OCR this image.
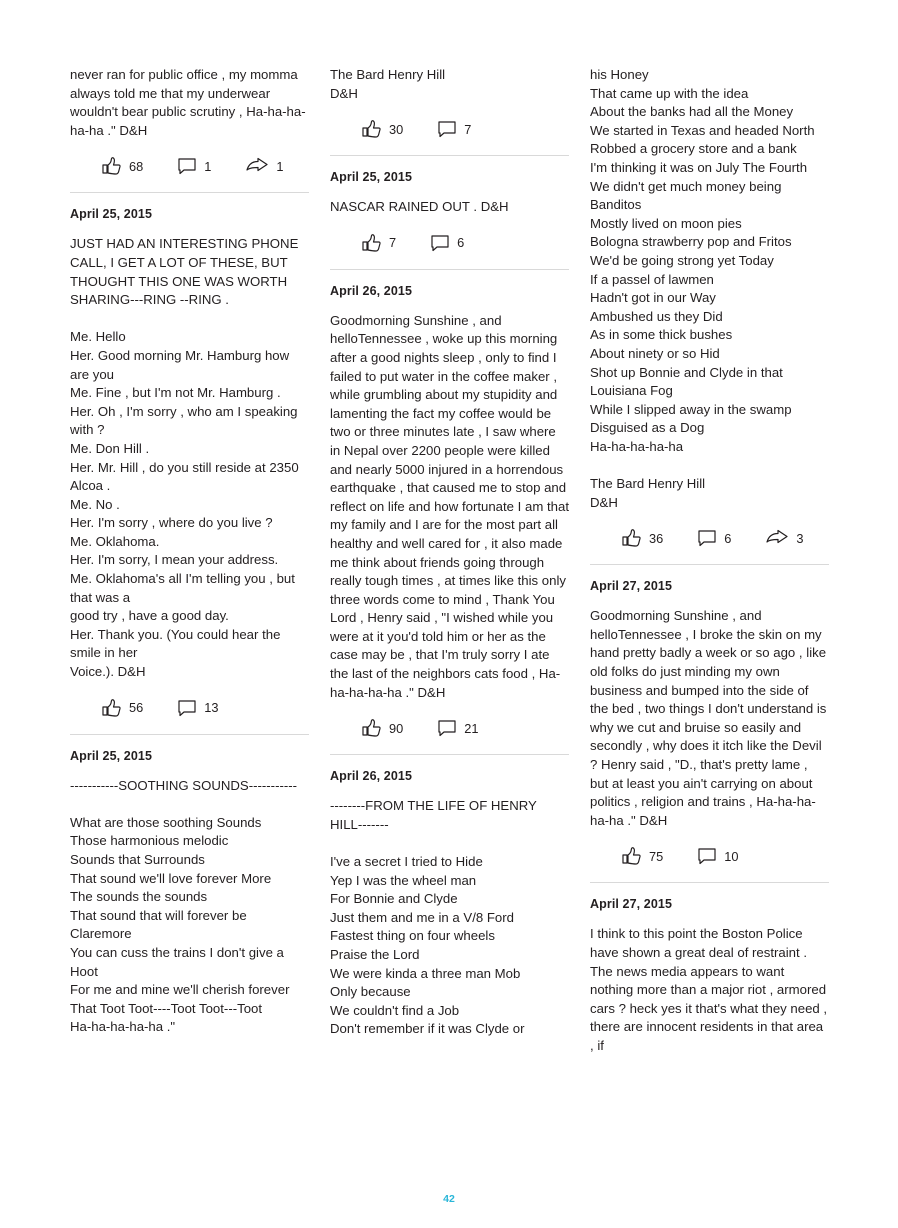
never ran for public office , my momma always told me that my underwear wouldn't bear public scrutiny , Ha-ha-ha-ha-ha ." D&H
68	1	1
April 25, 2015
JUST HAD AN INTERESTING PHONE CALL, I GET A LOT OF THESE, BUT THOUGHT THIS ONE WAS WORTH SHARING---RING --RING .

Me. Hello
Her. Good morning Mr. Hamburg how are you
Me. Fine , but I'm not Mr. Hamburg .
Her. Oh , I'm sorry , who am I speaking with ?
Me. Don Hill .
Her. Mr. Hill , do you still reside at 2350 Alcoa .
Me. No .
Her. I'm sorry , where do you live ?
Me. Oklahoma.
Her. I'm sorry, I mean your address.
Me. Oklahoma's all I'm telling you , but that was a
good try , have a good day.
Her. Thank you. (You could hear the smile in her
Voice.). D&H
56	13
April 25, 2015
-----------SOOTHING SOUNDS-----------

What are those soothing Sounds
Those harmonious melodic
Sounds that Surrounds
That sound we'll love forever More
The sounds the sounds
That sound that will forever be Claremore
You can cuss the trains I don't give a Hoot
For me and mine we'll cherish forever
That Toot Toot----Toot Toot---Toot
Ha-ha-ha-ha-ha ."
The Bard Henry Hill
D&H
30	7
April 25, 2015
NASCAR RAINED OUT . D&H
7	6
April 26, 2015
Goodmorning Sunshine , and helloTennessee , woke up this morning after a good nights sleep , only to find I failed to put water in the coffee maker , while grumbling about my stupidity and lamenting the fact my coffee would be two or three minutes late , I saw where in Nepal over 2200 people were killed and nearly 5000 injured in a horrendous earthquake , that caused me to stop and reflect on life and how fortunate I am that my family and I are for the most part all healthy and well cared for , it also made me think about friends going through really tough times , at times like this only three words come to mind , Thank You Lord , Henry said , "I wished while you were at it you'd told him or her as the case may be , that I'm truly sorry I ate the last of the neighbors cats food , Ha-ha-ha-ha-ha ." D&H
90	21
April 26, 2015
--------FROM THE LIFE OF HENRY HILL-------

I've a secret I tried to Hide
Yep I was the wheel man
For Bonnie and Clyde
Just them and me in a V/8 Ford
Fastest thing on four wheels
Praise the Lord
We were kinda a three man Mob
Only because
We couldn't find a Job
Don't remember if it was Clyde or
his Honey
That came up with the idea
About the banks had all the Money
We started in Texas and headed North
Robbed a grocery store and a bank
I'm thinking it was on July The Fourth
We didn't get much money being Banditos
Mostly lived on moon pies
Bologna strawberry pop and Fritos
We'd be going strong yet Today
If a passel of lawmen
Hadn't got in our Way
Ambushed us they Did
As in some thick bushes
About ninety or so Hid
Shot up Bonnie and Clyde in that Louisiana Fog
While I slipped away in the swamp
Disguised as a Dog
Ha-ha-ha-ha-ha

The Bard Henry Hill
D&H
36	6	3
April 27, 2015
Goodmorning Sunshine , and helloTennessee , I broke the skin on my hand pretty badly a week or so ago , like old folks do just minding my own business and bumped into the side of the bed , two things I don't understand is why we cut and bruise so easily and secondly , why does it itch like the Devil ? Henry said , "D., that's pretty lame , but at least you ain't carrying on about politics , religion and trains , Ha-ha-ha-ha-ha ." D&H
75	10
April 27, 2015
I think to this point the Boston Police have shown a great deal of restraint . The news media appears to want nothing more than a major riot , armored cars ? heck yes it that's what they need , there are innocent residents in that area , if
42
